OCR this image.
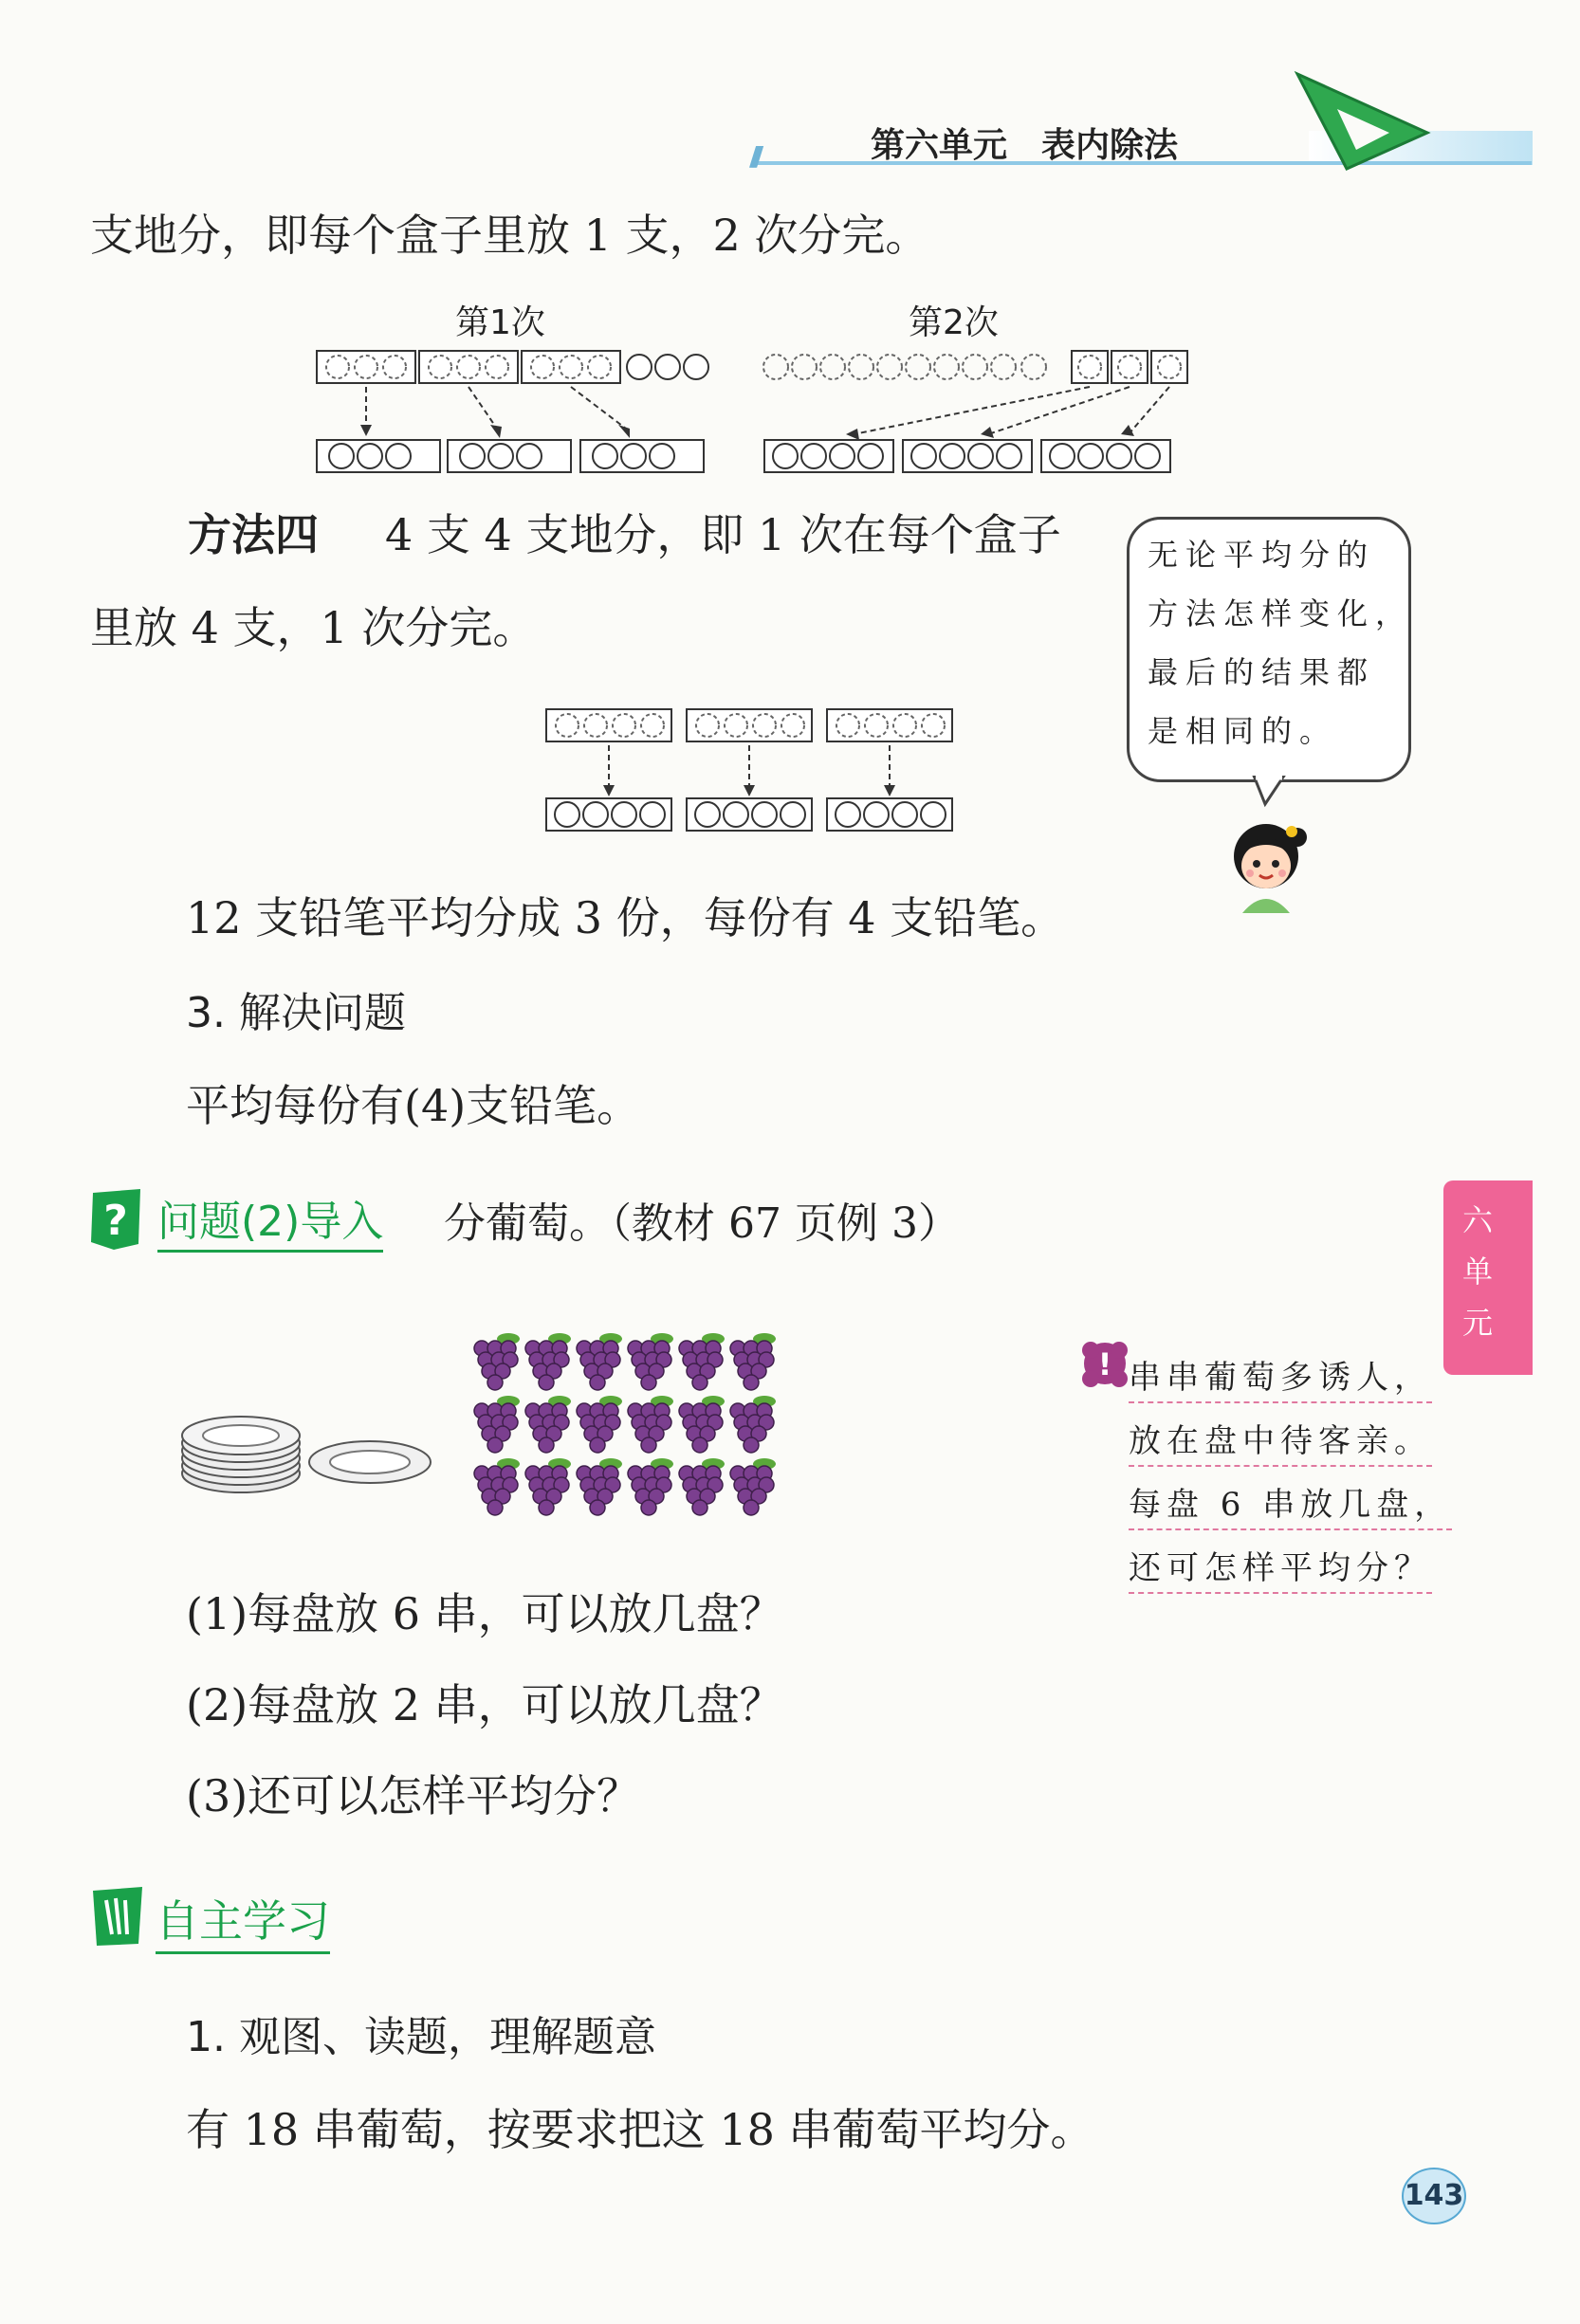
/////	第六单元　表内除法
支地分，即每个盒子里放 1 支，2 次分完。
第1次	第2次
方法四 4 支 4 支地分，即 1 次在每个盒子
里放 4 支，1 次分完。
无论平均分的
方法怎样变化，
最后的结果都
是相同的。
12 支铅笔平均分成 3 份，每份有 4 支铅笔。
3. 解决问题
平均每份有(4)支铅笔。
? 问题(2)导入 分葡萄。（教材 67 页例 3）	六
单
元
! 串串葡萄多诱人，
放在盘中待客亲。
每盘 6 串放几盘，
还可怎样平均分？
(1)每盘放 6 串，可以放几盘？
(2)每盘放 2 串，可以放几盘？
(3)还可以怎样平均分？
自主学习
1. 观图、读题，理解题意
有 18 串葡萄，按要求把这 18 串葡萄平均分。
143
